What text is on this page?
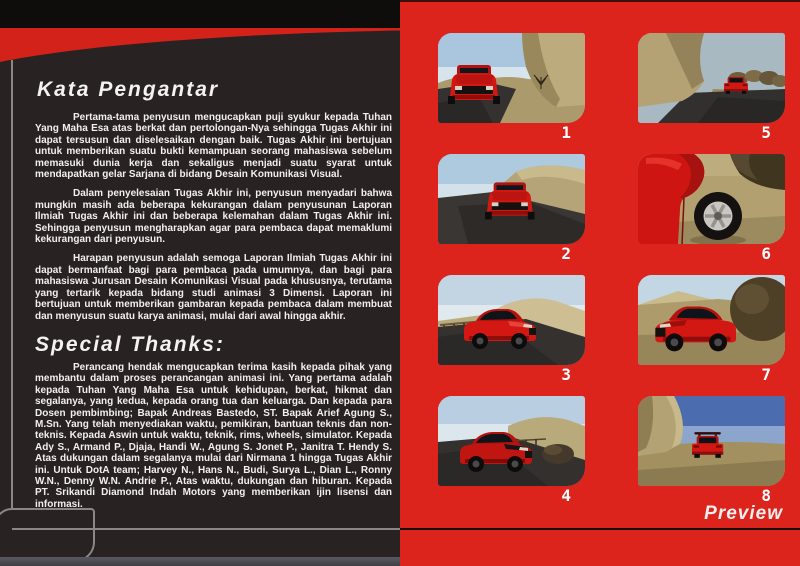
Kata Pengantar

Pertama-tama penyusun mengucapkan puji syukur kepada Tuhan Yang Maha Esa atas berkat dan pertolongan-Nya sehingga Tugas Akhir ini dapat tersusun dan diselesaikan dengan baik. Tugas Akhir ini bertujuan untuk memberikan suatu bukti kemampuan seorang mahasiswa sebelum memasuki dunia kerja dan sekaligus menjadi suatu syarat untuk mendapatkan gelar Sarjana di bidang Desain Komunikasi Visual.

Dalam penyelesaian Tugas Akhir ini, penyusun menyadari bahwa mungkin masih ada beberapa kekurangan dalam penyusunan Laporan Ilmiah Tugas Akhir ini dan beberapa kelemahan dalam Tugas Akhir ini. Sehingga penyusun mengharapkan agar para pembaca dapat memaklumi kekurangan dari penyusun.

Harapan penyusun adalah semoga Laporan Ilmiah Tugas Akhir ini dapat bermanfaat bagi para pembaca pada umumnya, dan bagi para mahasiswa Jurusan Desain Komunikasi Visual pada khususnya, terutama yang tertarik kepada bidang studi animasi 3 Dimensi. Laporan ini bertujuan untuk memberikan gambaran kepada pembaca dalam membuat dan menyusun suatu karya animasi, mulai dari awal hingga akhir.

Special Thanks:

Perancang hendak mengucapkan terima kasih kepada pihak yang membantu dalam proses perancangan animasi ini. Yang pertama adalah kepada Tuhan Yang Maha Esa untuk kehidupan, berkat, hikmat dan segalanya, yang kedua, kepada orang tua dan keluarga. Dan kepada para Dosen pembimbing; Bapak Andreas Bastedo, ST. Bapak Arief Agung S., M.Sn. Yang telah menyediakan waktu, pemikiran, bantuan teknis dan non-teknis. Kepada Aswin untuk waktu, teknik, rims, wheels, simulator. Kepada Ady S., Armand P., Djaja, Handi W., Agung S. Jonet P., Janitra T. Hendy S. Atas dukungan dalam segalanya mulai dari Nirmana 1 hingga Tugas Akhir ini. Untuk DotA team; Harvey N., Hans N., Budi, Surya L., Dian L., Ronny W.N., Denny W.N. Andrie P., Atas waktu, dukungan dan hiburan. Kepada PT. Srikandi Diamond Indah Motors yang memberikan ijin lisensi dan informasi.

1
2
3
4
5
6
7
8
Preview
